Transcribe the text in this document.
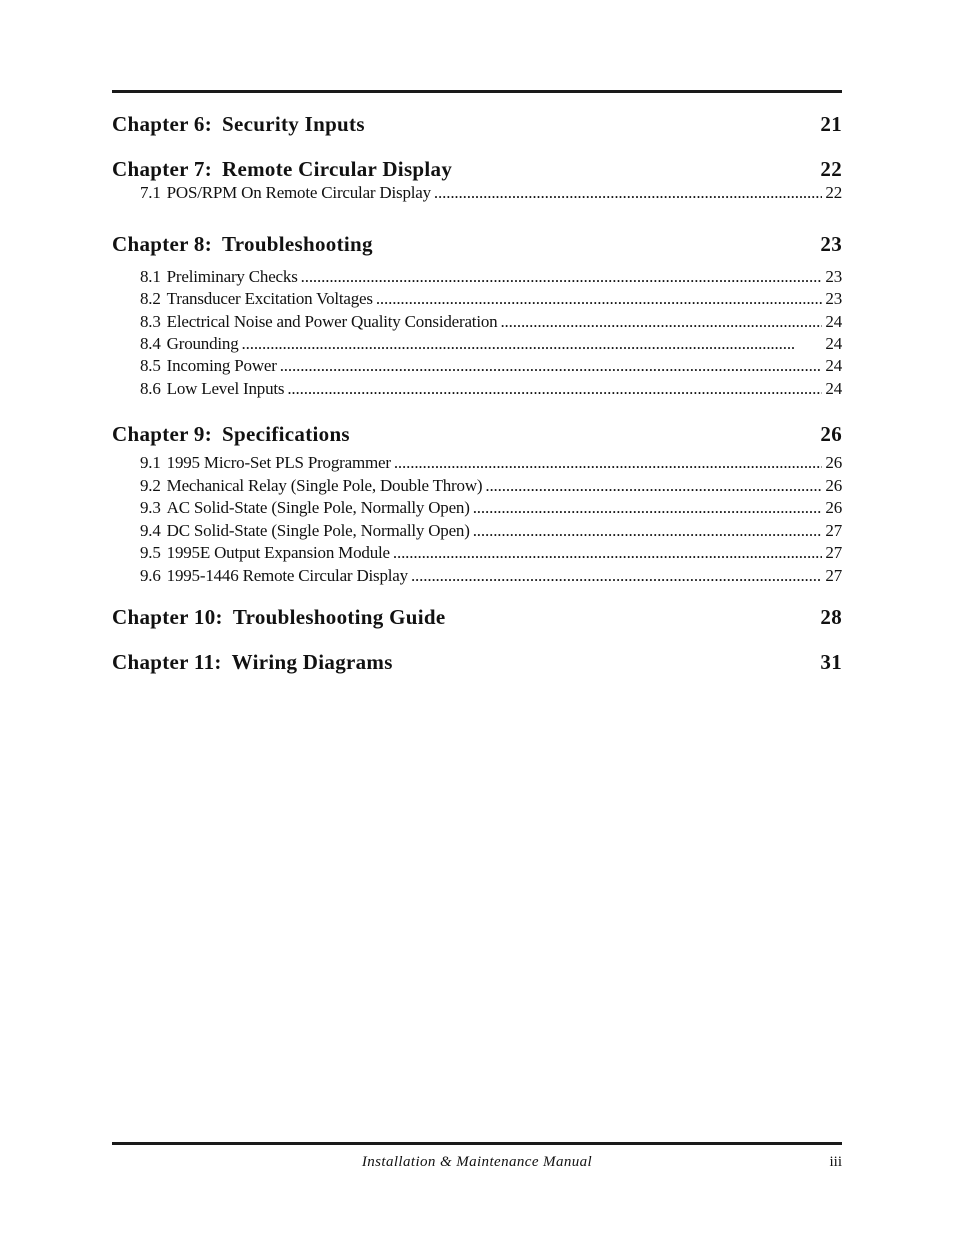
Chapter 6: Security Inputs	21
Chapter 7: Remote Circular Display	22
7.1 POS/RPM On Remote Circular Display . . .	22
Chapter 8: Troubleshooting	23
8.1 Preliminary Checks . . .	23
8.2 Transducer Excitation Voltages . . .	23
8.3 Electrical Noise and Power Quality Consideration . . .	24
8.4 Grounding . . .	24
8.5 Incoming Power . . .	24
8.6 Low Level Inputs . . .	24
Chapter 9: Specifications	26
9.1 1995 Micro-Set PLS Programmer . . .	26
9.2 Mechanical Relay (Single Pole, Double Throw) . . .	26
9.3 AC Solid-State (Single Pole, Normally Open) . . .	26
9.4 DC Solid-State (Single Pole, Normally Open) . . .	27
9.5 1995E Output Expansion Module . . .	27
9.6 1995-1446 Remote Circular Display . . .	27
Chapter 10: Troubleshooting Guide	28
Chapter 11: Wiring Diagrams	31
Installation & Maintenance Manual	iii
